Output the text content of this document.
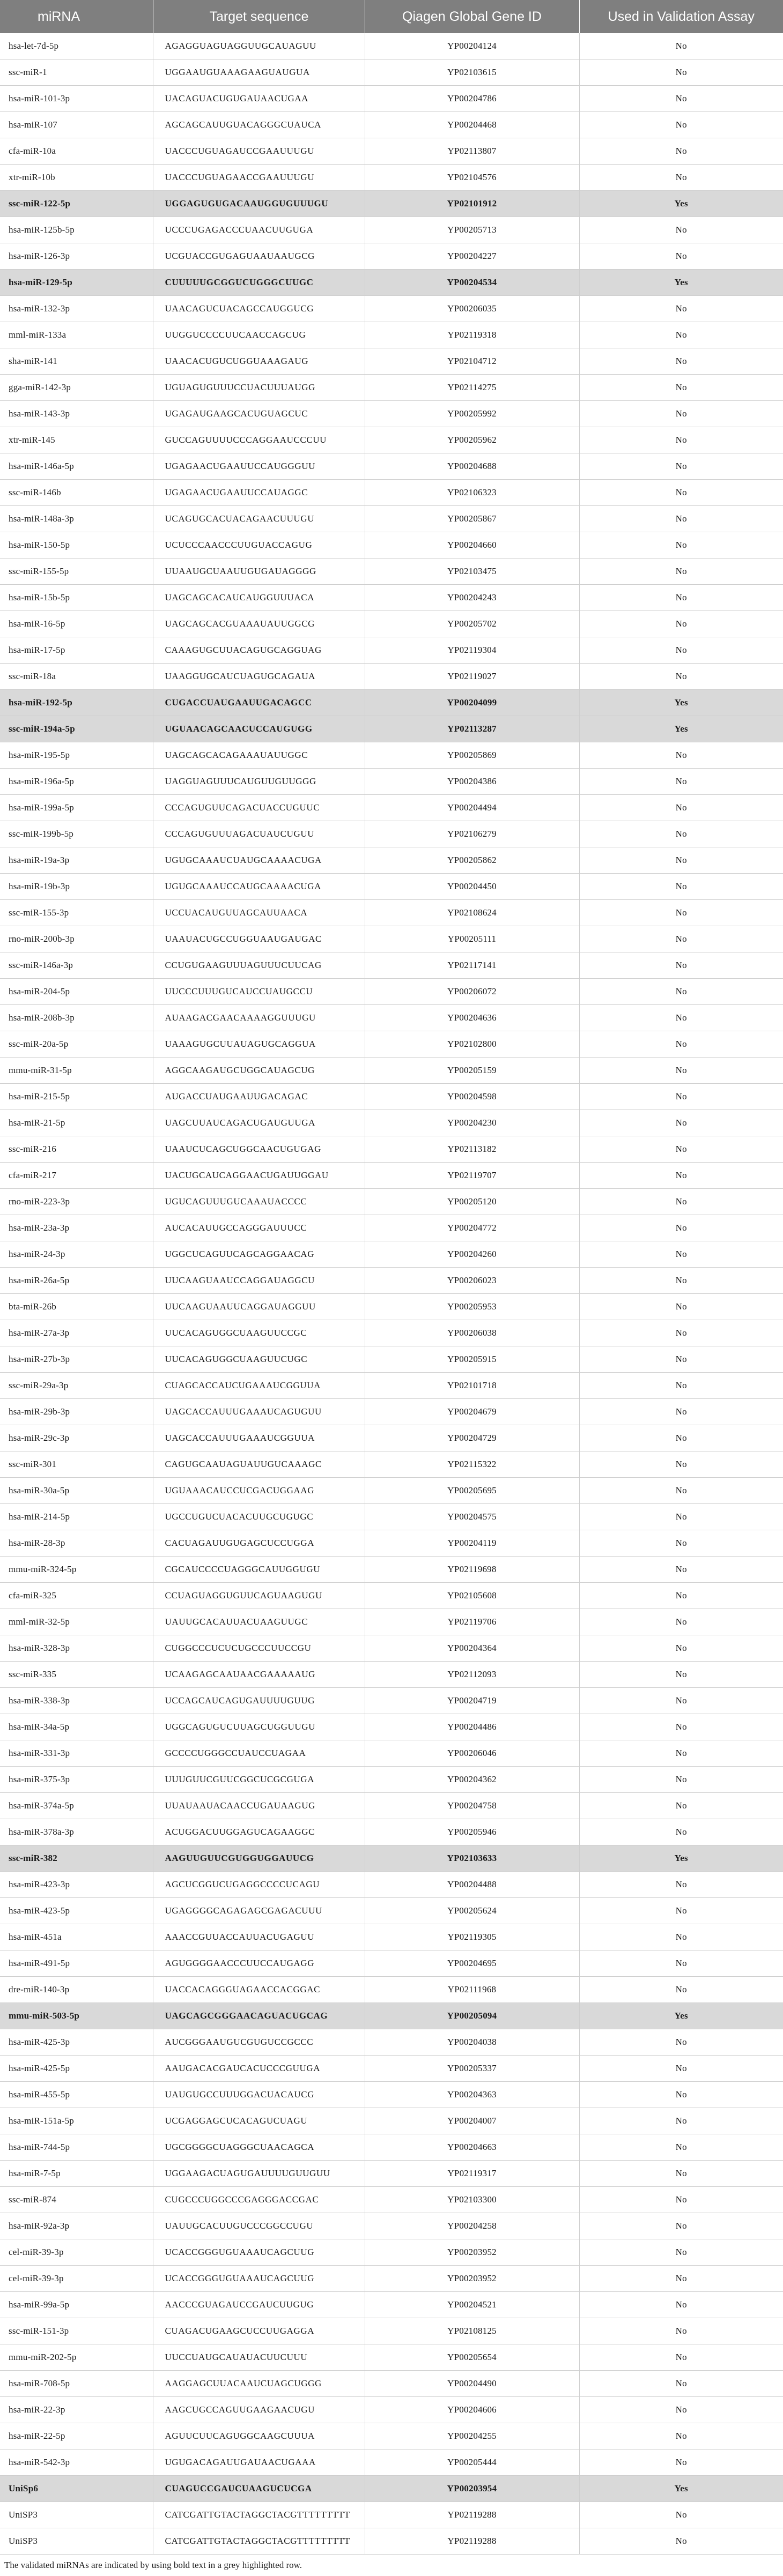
miRNA	Target sequence	Qiagen Global Gene ID	Used in Validation Assay
hsa-let-7d-5p	AGAGGUAGUAGGUUGCAUAGUU	YP00204124	No
ssc-miR-1	UGGAAUGUAAAGAAGUAUGUA	YP02103615	No
hsa-miR-101-3p	UACAGUACUGUGAUAACUGAA	YP00204786	No
hsa-miR-107	AGCAGCAUUGUACAGGGCUAUCA	YP00204468	No
cfa-miR-10a	UACCCUGUAGAUCCGAAUUUGU	YP02113807	No
xtr-miR-10b	UACCCUGUAGAACCGAAUUUGU	YP02104576	No
ssc-miR-122-5p	UGGAGUGUGACAAUGGUGUUUGU	YP02101912	Yes
hsa-miR-125b-5p	UCCCUGAGACCCUAACUUGUGA	YP00205713	No
hsa-miR-126-3p	UCGUACCGUGAGUAAUAAUGCG	YP00204227	No
hsa-miR-129-5p	CUUUUUGCGGUCUGGGCUUGC	YP00204534	Yes
hsa-miR-132-3p	UAACAGUCUACAGCCAUGGUCG	YP00206035	No
mml-miR-133a	UUGGUCCCCUUCAACCAGCUG	YP02119318	No
sha-miR-141	UAACACUGUCUGGUAAAGAUG	YP02104712	No
gga-miR-142-3p	UGUAGUGUUUCCUACUUUAUGG	YP02114275	No
hsa-miR-143-3p	UGAGAUGAAGCACUGUAGCUC	YP00205992	No
xtr-miR-145	GUCCAGUUUUCCCAGGAAUCCCUU	YP00205962	No
hsa-miR-146a-5p	UGAGAACUGAAUUCCAUGGGUU	YP00204688	No
ssc-miR-146b	UGAGAACUGAAUUCCAUAGGC	YP02106323	No
hsa-miR-148a-3p	UCAGUGCACUACAGAACUUUGU	YP00205867	No
hsa-miR-150-5p	UCUCCCAACCCUUGUACCAGUG	YP00204660	No
ssc-miR-155-5p	UUAAUGCUAAUUGUGAUAGGGG	YP02103475	No
hsa-miR-15b-5p	UAGCAGCACAUCAUGGUUUACA	YP00204243	No
hsa-miR-16-5p	UAGCAGCACGUAAAUAUUGGCG	YP00205702	No
hsa-miR-17-5p	CAAAGUGCUUACAGUGCAGGUAG	YP02119304	No
ssc-miR-18a	UAAGGUGCAUCUAGUGCAGAUA	YP02119027	No
hsa-miR-192-5p	CUGACCUAUGAAUUGACAGCC	YP00204099	Yes
ssc-miR-194a-5p	UGUAACAGCAACUCCAUGUGG	YP02113287	Yes
hsa-miR-195-5p	UAGCAGCACAGAAAUAUUGGC	YP00205869	No
hsa-miR-196a-5p	UAGGUAGUUUCAUGUUGUUGGG	YP00204386	No
hsa-miR-199a-5p	CCCAGUGUUCAGACUACCUGUUC	YP00204494	No
ssc-miR-199b-5p	CCCAGUGUUUAGACUAUCUGUU	YP02106279	No
hsa-miR-19a-3p	UGUGCAAAUCUAUGCAAAACUGA	YP00205862	No
hsa-miR-19b-3p	UGUGCAAAUCCAUGCAAAACUGA	YP00204450	No
ssc-miR-155-3p	UCCUACAUGUUAGCAUUAACA	YP02108624	No
rno-miR-200b-3p	UAAUACUGCCUGGUAAUGAUGAC	YP00205111	No
ssc-miR-146a-3p	CCUGUGAAGUUUAGUUUCUUCAG	YP02117141	No
hsa-miR-204-5p	UUCCCUUUGUCAUCCUAUGCCU	YP00206072	No
hsa-miR-208b-3p	AUAAGACGAACAAAAGGUUUGU	YP00204636	No
ssc-miR-20a-5p	UAAAGUGCUUAUAGUGCAGGUA	YP02102800	No
mmu-miR-31-5p	AGGCAAGAUGCUGGCAUAGCUG	YP00205159	No
hsa-miR-215-5p	AUGACCUAUGAAUUGACAGAC	YP00204598	No
hsa-miR-21-5p	UAGCUUAUCAGACUGAUGUUGA	YP00204230	No
ssc-miR-216	UAAUCUCAGCUGGCAACUGUGAG	YP02113182	No
cfa-miR-217	UACUGCAUCAGGAACUGAUUGGAU	YP02119707	No
rno-miR-223-3p	UGUCAGUUUGUCAAAUACCCC	YP00205120	No
hsa-miR-23a-3p	AUCACAUUGCCAGGGAUUUCC	YP00204772	No
hsa-miR-24-3p	UGGCUCAGUUCAGCAGGAACAG	YP00204260	No
hsa-miR-26a-5p	UUCAAGUAAUCCAGGAUAGGCU	YP00206023	No
bta-miR-26b	UUCAAGUAAUUCAGGAUAGGUU	YP00205953	No
hsa-miR-27a-3p	UUCACAGUGGCUAAGUUCCGC	YP00206038	No
hsa-miR-27b-3p	UUCACAGUGGCUAAGUUCUGC	YP00205915	No
ssc-miR-29a-3p	CUAGCACCAUCUGAAAUCGGUUA	YP02101718	No
hsa-miR-29b-3p	UAGCACCAUUUGAAAUCAGUGUU	YP00204679	No
hsa-miR-29c-3p	UAGCACCAUUUGAAAUCGGUUA	YP00204729	No
ssc-miR-301	CAGUGCAAUAGUAUUGUCAAAGC	YP02115322	No
hsa-miR-30a-5p	UGUAAACAUCCUCGACUGGAAG	YP00205695	No
hsa-miR-214-5p	UGCCUGUCUACACUUGCUGUGC	YP00204575	No
hsa-miR-28-3p	CACUAGAUUGUGAGCUCCUGGA	YP00204119	No
mmu-miR-324-5p	CGCAUCCCCUAGGGCAUUGGUGU	YP02119698	No
cfa-miR-325	CCUAGUAGGUGUUCAGUAAGUGU	YP02105608	No
mml-miR-32-5p	UAUUGCACAUUACUAAGUUGC	YP02119706	No
hsa-miR-328-3p	CUGGCCCUCUCUGCCCUUCCGU	YP00204364	No
ssc-miR-335	UCAAGAGCAAUAACGAAAAAUG	YP02112093	No
hsa-miR-338-3p	UCCAGCAUCAGUGAUUUUGUUG	YP00204719	No
hsa-miR-34a-5p	UGGCAGUGUCUUAGCUGGUUGU	YP00204486	No
hsa-miR-331-3p	GCCCCUGGGCCUAUCCUAGAA	YP00206046	No
hsa-miR-375-3p	UUUGUUCGUUCGGCUCGCGUGA	YP00204362	No
hsa-miR-374a-5p	UUAUAAUACAACCUGAUAAGUG	YP00204758	No
hsa-miR-378a-3p	ACUGGACUUGGAGUCAGAAGGC	YP00205946	No
ssc-miR-382	AAGUUGUUCGUGGUGGAUUCG	YP02103633	Yes
hsa-miR-423-3p	AGCUCGGUCUGAGGCCCCUCAGU	YP00204488	No
hsa-miR-423-5p	UGAGGGGCAGAGAGCGAGACUUU	YP00205624	No
hsa-miR-451a	AAACCGUUACCAUUACUGAGUU	YP02119305	No
hsa-miR-491-5p	AGUGGGGAACCCUUCCAUGAGG	YP00204695	No
dre-miR-140-3p	UACCACAGGGUAGAACCACGGAC	YP02111968	No
mmu-miR-503-5p	UAGCAGCGGGAACAGUACUGCAG	YP00205094	Yes
hsa-miR-425-3p	AUCGGGAAUGUCGUGUCCGCCC	YP00204038	No
hsa-miR-425-5p	AAUGACACGAUCACUCCCGUUGA	YP00205337	No
hsa-miR-455-5p	UAUGUGCCUUUGGACUACAUCG	YP00204363	No
hsa-miR-151a-5p	UCGAGGAGCUCACAGUCUAGU	YP00204007	No
hsa-miR-744-5p	UGCGGGGCUAGGGCUAACAGCA	YP00204663	No
hsa-miR-7-5p	UGGAAGACUAGUGAUUUUGUUGUU	YP02119317	No
ssc-miR-874	CUGCCCUGGCCCGAGGGACCGAC	YP02103300	No
hsa-miR-92a-3p	UAUUGCACUUGUCCCGGCCUGU	YP00204258	No
cel-miR-39-3p	UCACCGGGUGUAAAUCAGCUUG	YP00203952	No
cel-miR-39-3p	UCACCGGGUGUAAAUCAGCUUG	YP00203952	No
hsa-miR-99a-5p	AACCCGUAGAUCCGAUCUUGUG	YP00204521	No
ssc-miR-151-3p	CUAGACUGAAGCUCCUUGAGGA	YP02108125	No
mmu-miR-202-5p	UUCCUAUGCAUAUACUUCUUU	YP00205654	No
hsa-miR-708-5p	AAGGAGCUUACAAUCUAGCUGGG	YP00204490	No
hsa-miR-22-3p	AAGCUGCCAGUUGAAGAACUGU	YP00204606	No
hsa-miR-22-5p	AGUUCUUCAGUGGCAAGCUUUA	YP00204255	No
hsa-miR-542-3p	UGUGACAGAUUGAUAACUGAAA	YP00205444	No
UniSp6	CUAGUCCGAUCUAAGUCUCGA	YP00203954	Yes
UniSP3	CATCGATTGTACTAGGCTACGTTTTTTTTT	YP02119288	No
UniSP3	CATCGATTGTACTAGGCTACGTTTTTTTTT	YP02119288	No
The validated miRNAs are indicated by using bold text in a grey highlighted row.
